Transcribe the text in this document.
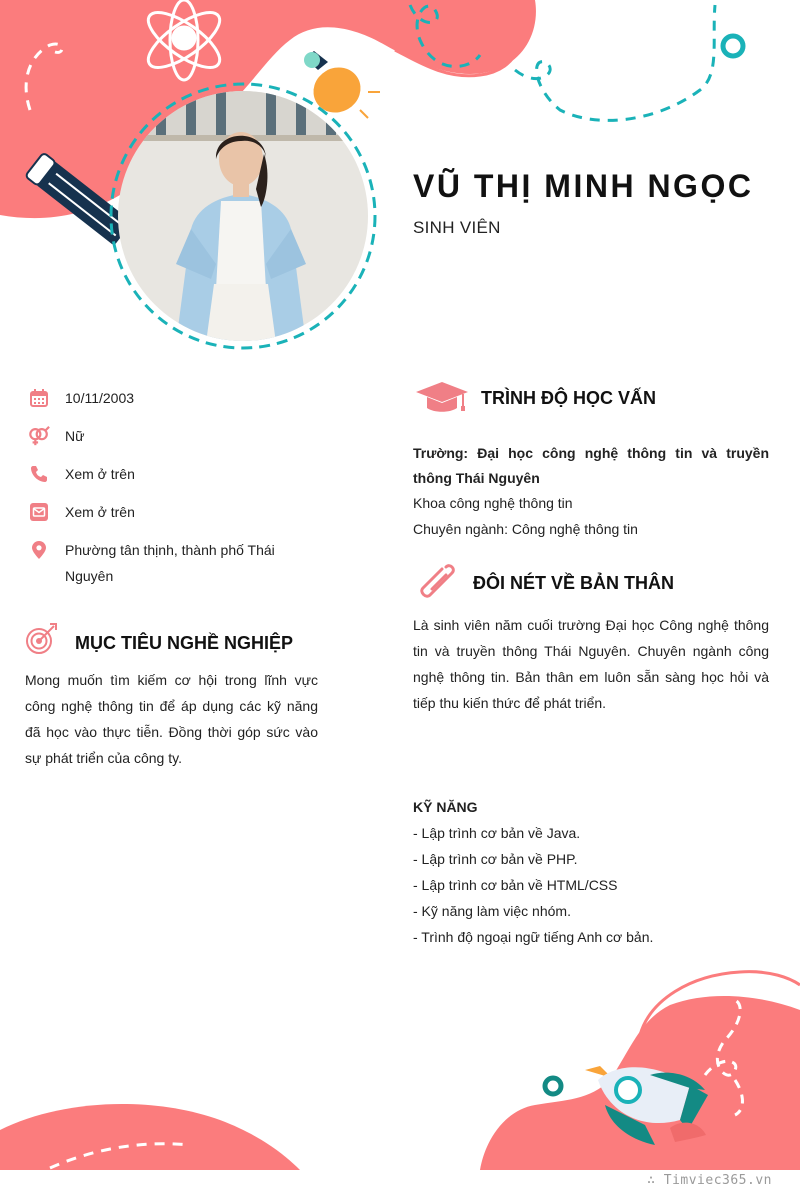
VŨ THỊ MINH NGỌC
SINH VIÊN
10/11/2003
Nữ
Xem ở trên
Xem ở trên
Phường tân thịnh, thành phố Thái Nguyên
MỤC TIÊU NGHỀ NGHIỆP
Mong muốn tìm kiếm cơ hội trong lĩnh vực công nghệ thông tin để áp dụng các kỹ năng đã học vào thực tiễn. Đồng thời góp sức vào sự phát triển của công ty.
TRÌNH ĐỘ HỌC VẤN
Trường: Đại học công nghệ thông tin và truyền thông Thái Nguyên
Khoa công nghệ thông tin
Chuyên ngành: Công nghệ thông tin
ĐÔI NÉT VỀ BẢN THÂN
Là sinh viên năm cuối trường Đại học Công nghệ thông tin và truyền thông Thái Nguyên. Chuyên ngành công nghệ thông tin. Bản thân em luôn sẵn sàng học hỏi và tiếp thu kiến thức để phát triển.
KỸ NĂNG
- Lập trình cơ bản về Java.
- Lập trình cơ bản về PHP.
- Lập trình cơ bản về HTML/CSS
- Kỹ năng làm việc nhóm.
- Trình độ ngoại ngữ tiếng Anh cơ bản.
∴ Timviec365.vn
